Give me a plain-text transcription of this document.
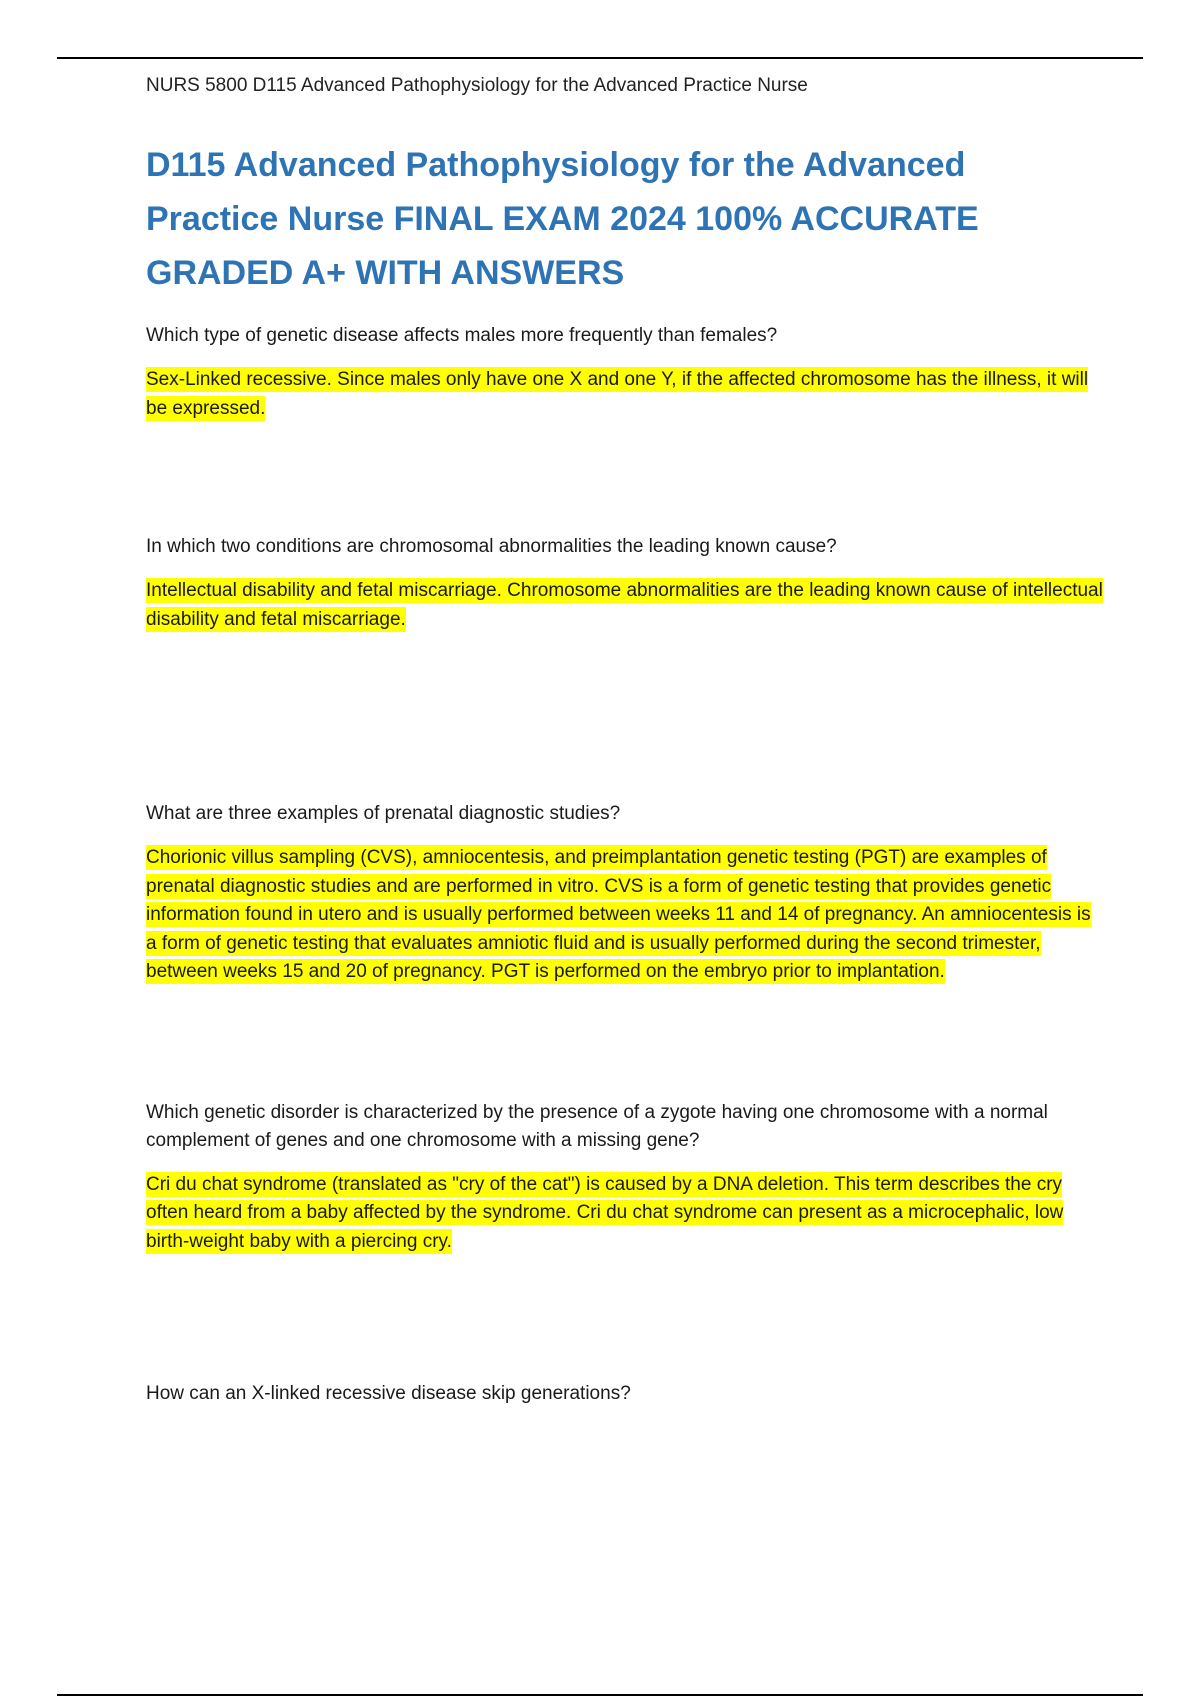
NURS 5800 D115 Advanced Pathophysiology for the Advanced Practice Nurse

D115 Advanced Pathophysiology for the Advanced Practice Nurse FINAL EXAM 2024 100% ACCURATE GRADED A+ WITH ANSWERS

Which type of genetic disease affects males more frequently than females?

Sex-Linked recessive. Since males only have one X and one Y, if the affected chromosome has the illness, it will be expressed.

In which two conditions are chromosomal abnormalities the leading known cause?

Intellectual disability and fetal miscarriage. Chromosome abnormalities are the leading known cause of intellectual disability and fetal miscarriage.

What are three examples of prenatal diagnostic studies?

Chorionic villus sampling (CVS), amniocentesis, and preimplantation genetic testing (PGT) are examples of prenatal diagnostic studies and are performed in vitro. CVS is a form of genetic testing that provides genetic information found in utero and is usually performed between weeks 11 and 14 of pregnancy. An amniocentesis is a form of genetic testing that evaluates amniotic fluid and is usually performed during the second trimester, between weeks 15 and 20 of pregnancy. PGT is performed on the embryo prior to implantation.

Which genetic disorder is characterized by the presence of a zygote having one chromosome with a normal complement of genes and one chromosome with a missing gene?

Cri du chat syndrome (translated as "cry of the cat") is caused by a DNA deletion. This term describes the cry often heard from a baby affected by the syndrome. Cri du chat syndrome can present as a microcephalic, low birth-weight baby with a piercing cry.

How can an X-linked recessive disease skip generations?
